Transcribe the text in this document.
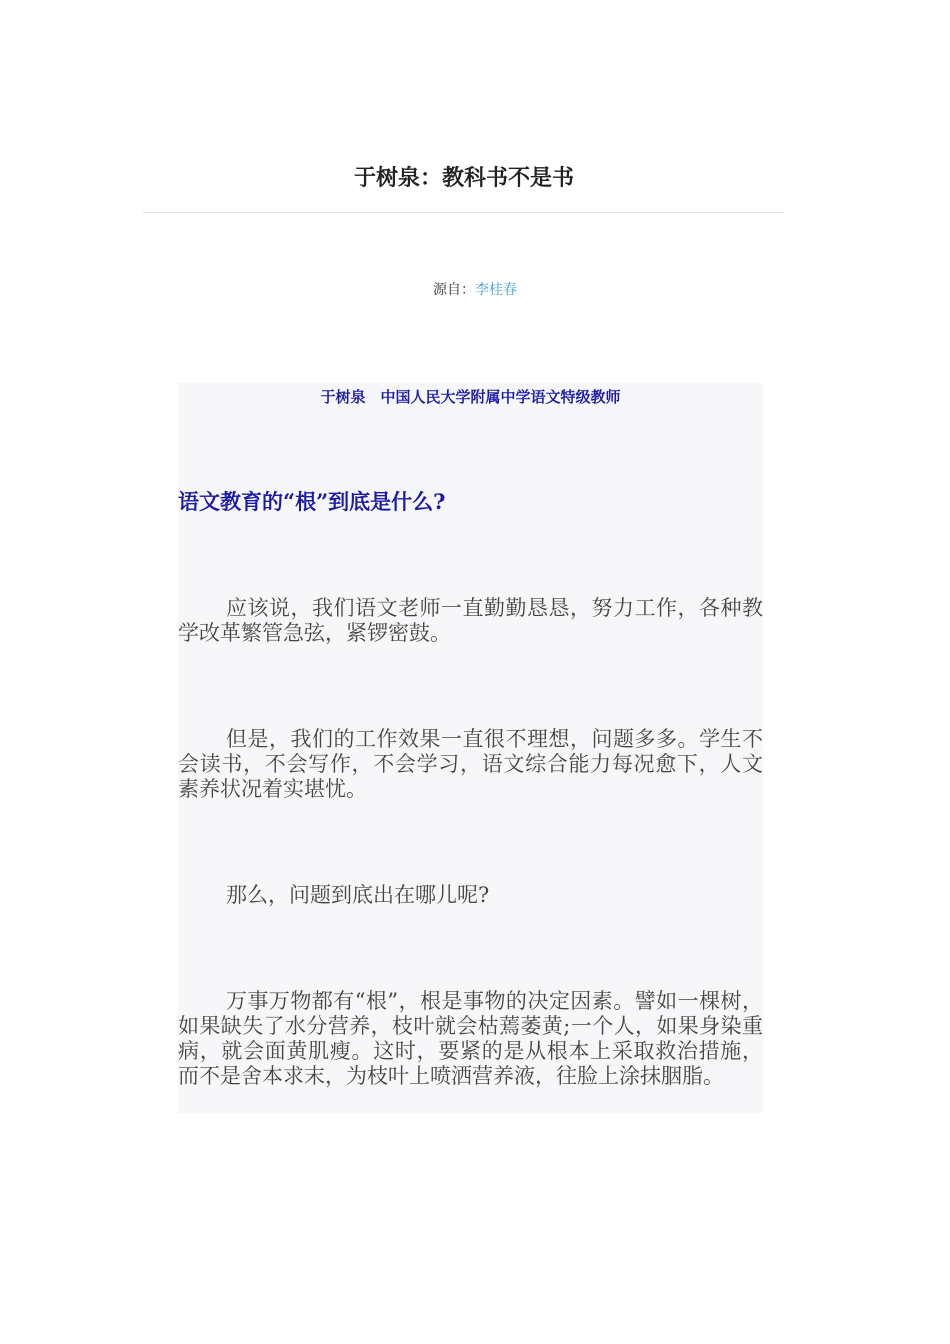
于树泉：教科书不是书
源自：李桂春
于树泉　中国人民大学附属中学语文特级教师
语文教育的“根”到底是什么?
应该说，我们语文老师一直勤勤恳恳，努力工作，各种教学改革繁管急弦，紧锣密鼓。
但是，我们的工作效果一直很不理想，问题多多。学生不会读书，不会写作，不会学习，语文综合能力每况愈下，人文素养状况着实堪忧。
那么，问题到底出在哪儿呢?
万事万物都有“根”，根是事物的决定因素。譬如一棵树，如果缺失了水分营养，枝叶就会枯蔫萎黄;一个人，如果身染重病，就会面黄肌瘦。这时，要紧的是从根本上采取救治措施，而不是舍本求末，为枝叶上喷洒营养液，往脸上涂抹胭脂。
